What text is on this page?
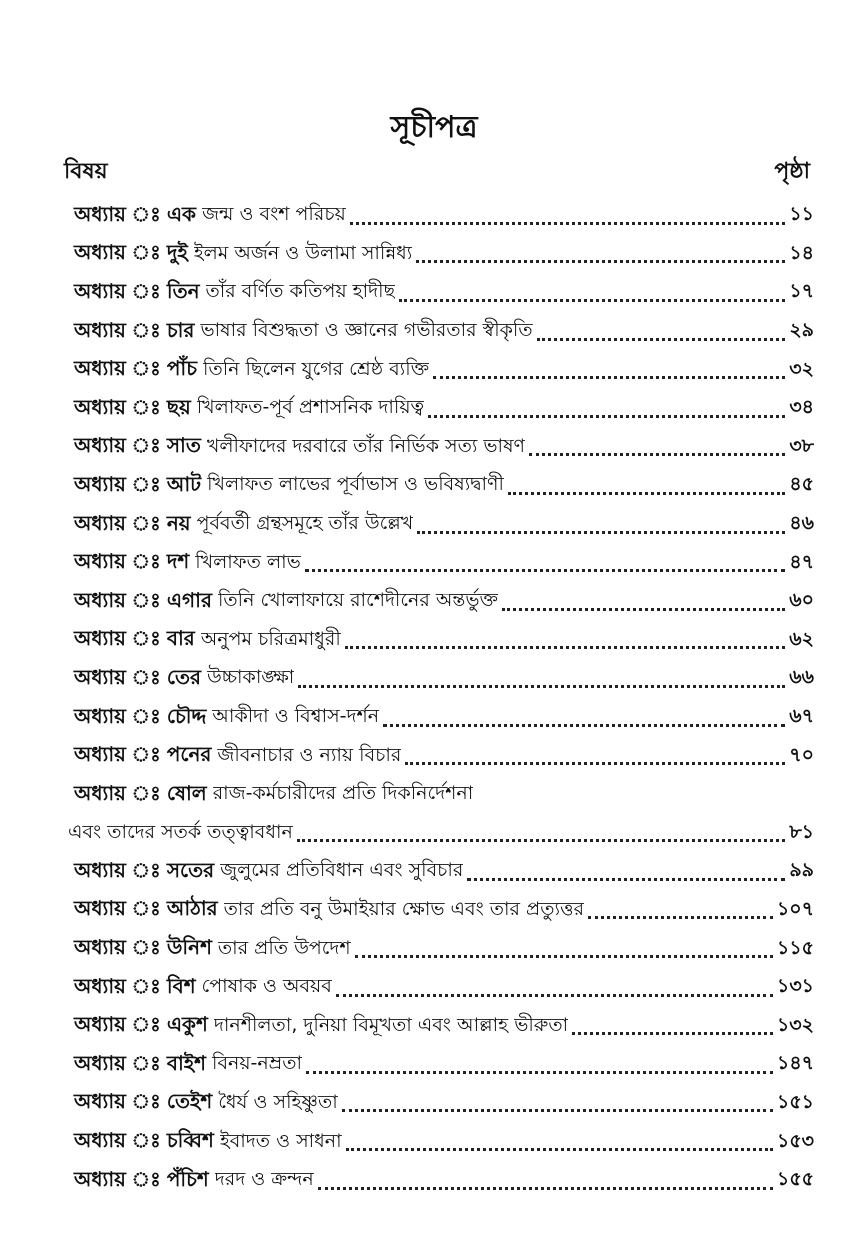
সূচীপত্র
বিষয়	পৃষ্ঠা
অধ্যায় ঃ এক জন্ম ও বংশ পরিচয়	১১
অধ্যায় ঃ দুই ইলম অর্জন ও উলামা সান্নিধ্য	১৪
অধ্যায় ঃ তিন তাঁর বর্ণিত কতিপয় হাদীছ	১৭
অধ্যায় ঃ চার ভাষার বিশুদ্ধতা ও জ্ঞানের গভীরতার স্বীকৃতি	২৯
অধ্যায় ঃ পাঁচ তিনি ছিলেন যুগের শ্রেষ্ঠ ব্যক্তি	৩২
অধ্যায় ঃ ছয় খিলাফত-পূর্ব প্রশাসনিক দায়িত্ব	৩৪
অধ্যায় ঃ সাত খলীফাদের দরবারে তাঁর নির্ভিক সত্য ভাষণ	৩৮
অধ্যায় ঃ আট খিলাফত লাভের পূর্বাভাস ও ভবিষ্যদ্বাণী	৪৫
অধ্যায় ঃ নয় পূর্ববর্তী গ্রন্থসমূহে তাঁর উল্লেখ	৪৬
অধ্যায় ঃ দশ খিলাফত লাভ	৪৭
অধ্যায় ঃ এগার তিনি খোলাফায়ে রাশেদীনের অন্তর্ভুক্ত	৬০
অধ্যায় ঃ বার অনুপম চরিত্রমাধুরী	৬২
অধ্যায় ঃ তের উচ্চাকাঙ্ক্ষা	৬৬
অধ্যায় ঃ চৌদ্দ আকীদা ও বিশ্বাস-দর্শন	৬৭
অধ্যায় ঃ পনের জীবনাচার ও ন্যায় বিচার	৭০
অধ্যায় ঃ ষোল রাজ-কর্মচারীদের প্রতি দিকনির্দেশনা
এবং তাদের সতর্ক তত্ত্বাবধান	৮১
অধ্যায় ঃ সতের জুলুমের প্রতিবিধান এবং সুবিচার	৯৯
অধ্যায় ঃ আঠার তার প্রতি বনু উমাইয়ার ক্ষোভ এবং তার প্রত্যুত্তর	১০৭
অধ্যায় ঃ উনিশ তার প্রতি উপদেশ	১১৫
অধ্যায় ঃ বিশ পোষাক ও অবয়ব	১৩১
অধ্যায় ঃ একুশ দানশীলতা, দুনিয়া বিমূখতা এবং আল্লাহ ভীরুতা	১৩২
অধ্যায় ঃ বাইশ বিনয়-নম্রতা	১৪৭
অধ্যায় ঃ তেইশ ধৈর্য ও সহিষ্ণুতা	১৫১
অধ্যায় ঃ চব্বিশ ইবাদত ও সাধনা	১৫৩
অধ্যায় ঃ পঁচিশ দরদ ও ক্রন্দন	১৫৫
